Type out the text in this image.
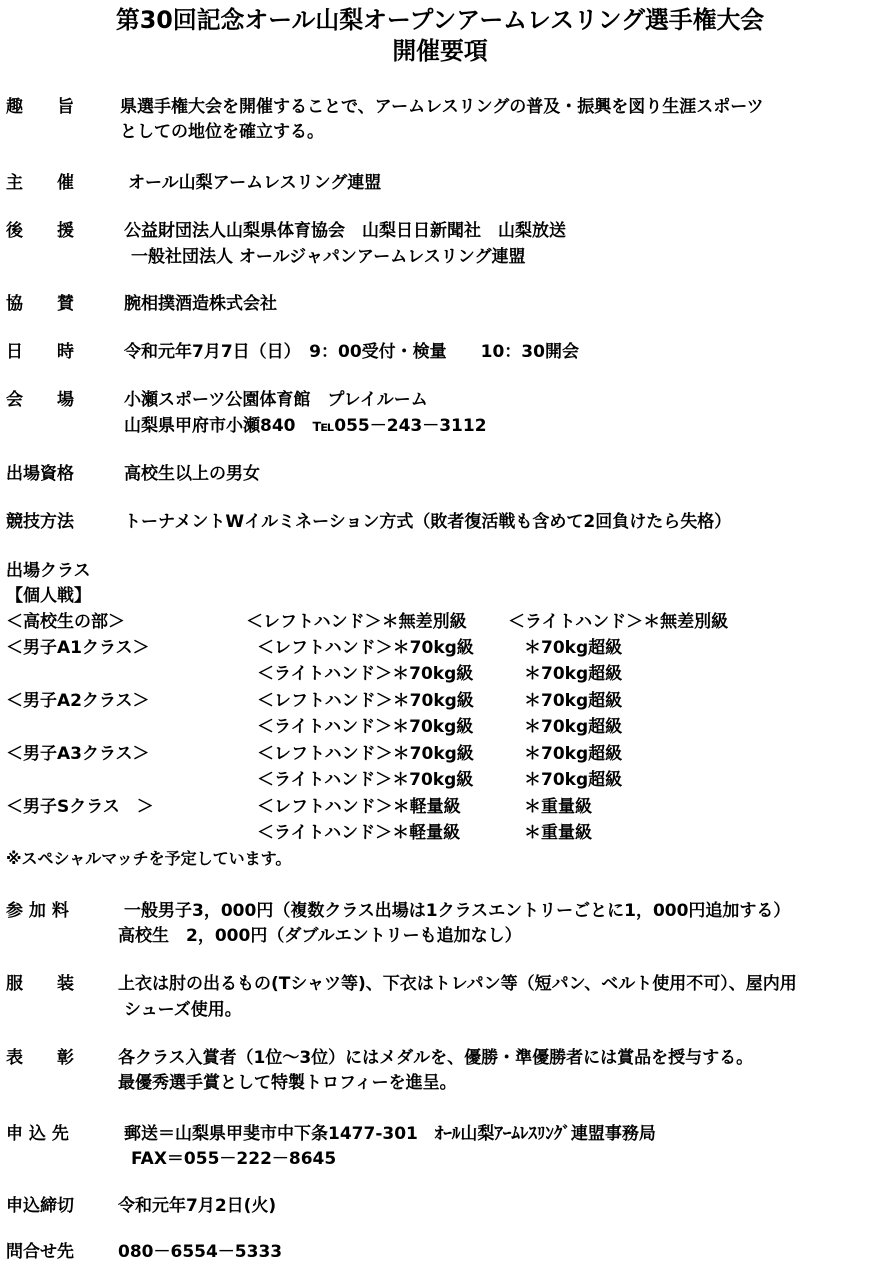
第30回記念オール山梨オープンアームレスリング選手権大会
開催要項
趣　　旨	県選手権大会を開催することで、アームレスリングの普及・振興を図り生涯スポーツ
としての地位を確立する。
主　　催	オール山梨アームレスリング連盟
後　　援	公益財団法人山梨県体育協会　山梨日日新聞社　山梨放送
一般社団法人 オールジャパンアームレスリング連盟
協　　賛	腕相撲酒造株式会社
日　　時	令和元年7月7日（日）　9：00受付・検量　　10：30開会
会　　場	小瀬スポーツ公園体育館　プレイルーム
山梨県甲府市小瀬840　℡055－243－3112
出場資格	高校生以上の男女
競技方法	トーナメントWイルミネーション方式（敗者復活戦も含めて2回負けたら失格）
出場クラス
【個人戦】
＜高校生の部＞	＜レフトハンド＞＊無差別級 ＜ライトハンド＞＊無差別級
＜男子A1クラス＞	＜レフトハンド＞＊70kg級	＊70kg超級
＜ライトハンド＞＊70kg級	＊70kg超級
＜男子A2クラス＞	＜レフトハンド＞＊70kg級	＊70kg超級
＜ライトハンド＞＊70kg級	＊70kg超級
＜男子A3クラス＞	＜レフトハンド＞＊70kg級	＊70kg超級
＜ライトハンド＞＊70kg級	＊70kg超級
＜男子Sクラス　＞	＜レフトハンド＞＊軽量級	＊重量級
＜ライトハンド＞＊軽量級	＊重量級
※スペシャルマッチを予定しています。
参 加 料	一般男子3，000円（複数クラス出場は1クラスエントリーごとに1，000円追加する）
高校生　2，000円（ダブルエントリーも追加なし）
服　　装	上衣は肘の出るもの(Tシャツ等)、下衣はトレパン等（短パン、ベルト使用不可）、屋内用
シューズ使用。
表　　彰	各クラス入賞者（1位～3位）にはメダルを、優勝・準優勝者には賞品を授与する。
最優秀選手賞として特製トロフィーを進呈。
申 込 先	郵送＝山梨県甲斐市中下条1477-301　ｵｰﾙ山梨ｱｰﾑﾚｽﾘﾝｸﾞ連盟事務局
FAX＝055－222－8645
申込締切	令和元年7月2日(火)
問合せ先	080－6554－5333
